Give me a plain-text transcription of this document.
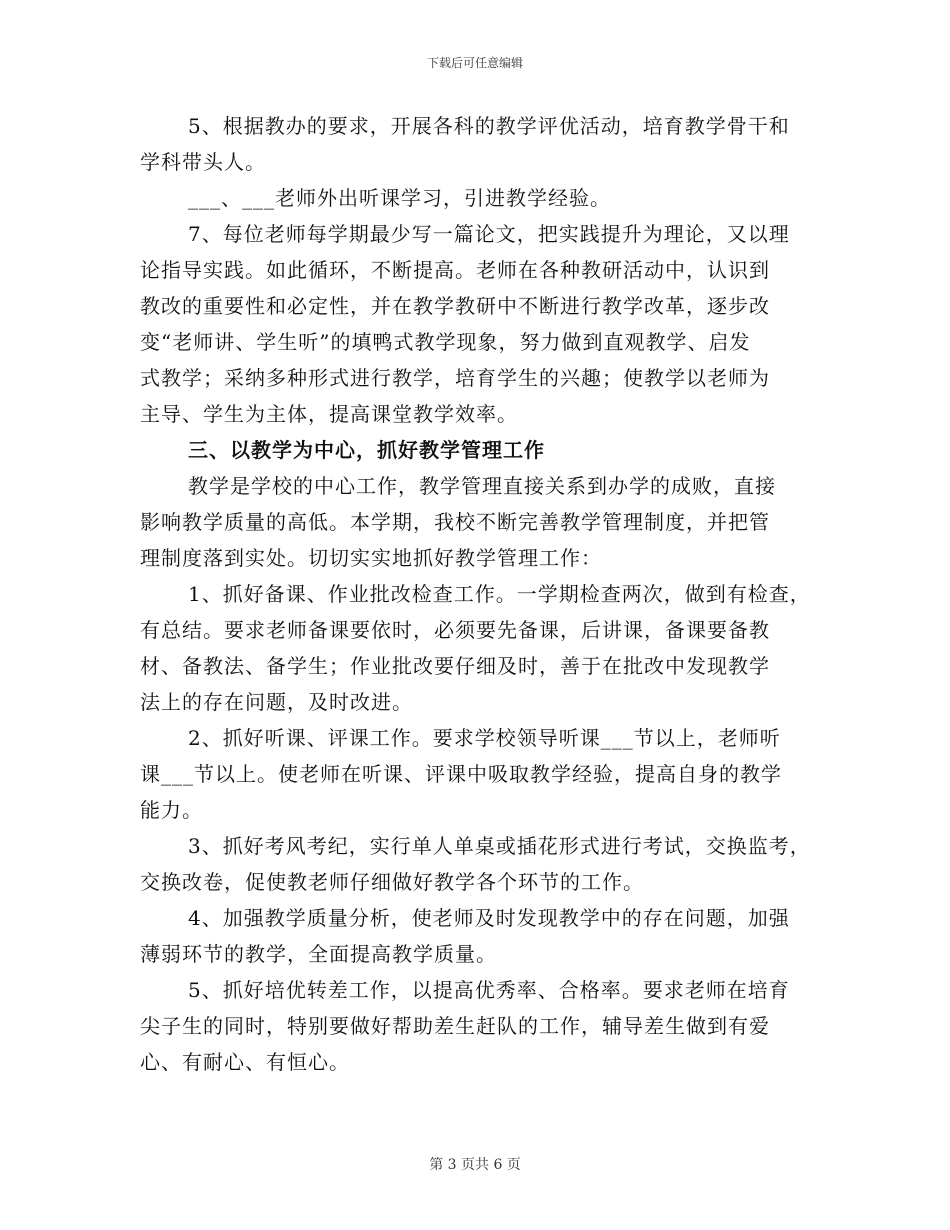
下载后可任意编辑
5、根据教办的要求，开展各科的教学评优活动，培育教学骨干和
学科带头人。
___、___老师外出听课学习，引进教学经验。
7、每位老师每学期最少写一篇论文，把实践提升为理论，又以理
论指导实践。如此循环，不断提高。老师在各种教研活动中，认识到
教改的重要性和必定性，并在教学教研中不断进行教学改革，逐步改
变“老师讲、学生听”的填鸭式教学现象，努力做到直观教学、启发
式教学；采纳多种形式进行教学，培育学生的兴趣；使教学以老师为
主导、学生为主体，提高课堂教学效率。
三、以教学为中心，抓好教学管理工作
教学是学校的中心工作，教学管理直接关系到办学的成败，直接
影响教学质量的高低。本学期，我校不断完善教学管理制度，并把管
理制度落到实处。切切实实地抓好教学管理工作：
1、抓好备课、作业批改检查工作。一学期检查两次，做到有检查，
有总结。要求老师备课要依时，必须要先备课，后讲课，备课要备教
材、备教法、备学生；作业批改要仔细及时，善于在批改中发现教学
法上的存在问题，及时改进。
2、抓好听课、评课工作。要求学校领导听课___节以上，老师听
课___节以上。使老师在听课、评课中吸取教学经验，提高自身的教学
能力。
3、抓好考风考纪，实行单人单桌或插花形式进行考试，交换监考，
交换改卷，促使教老师仔细做好教学各个环节的工作。
4、加强教学质量分析，使老师及时发现教学中的存在问题，加强
薄弱环节的教学，全面提高教学质量。
5、抓好培优转差工作，以提高优秀率、合格率。要求老师在培育
尖子生的同时，特别要做好帮助差生赶队的工作，辅导差生做到有爱
心、有耐心、有恒心。
第 3 页共 6 页
